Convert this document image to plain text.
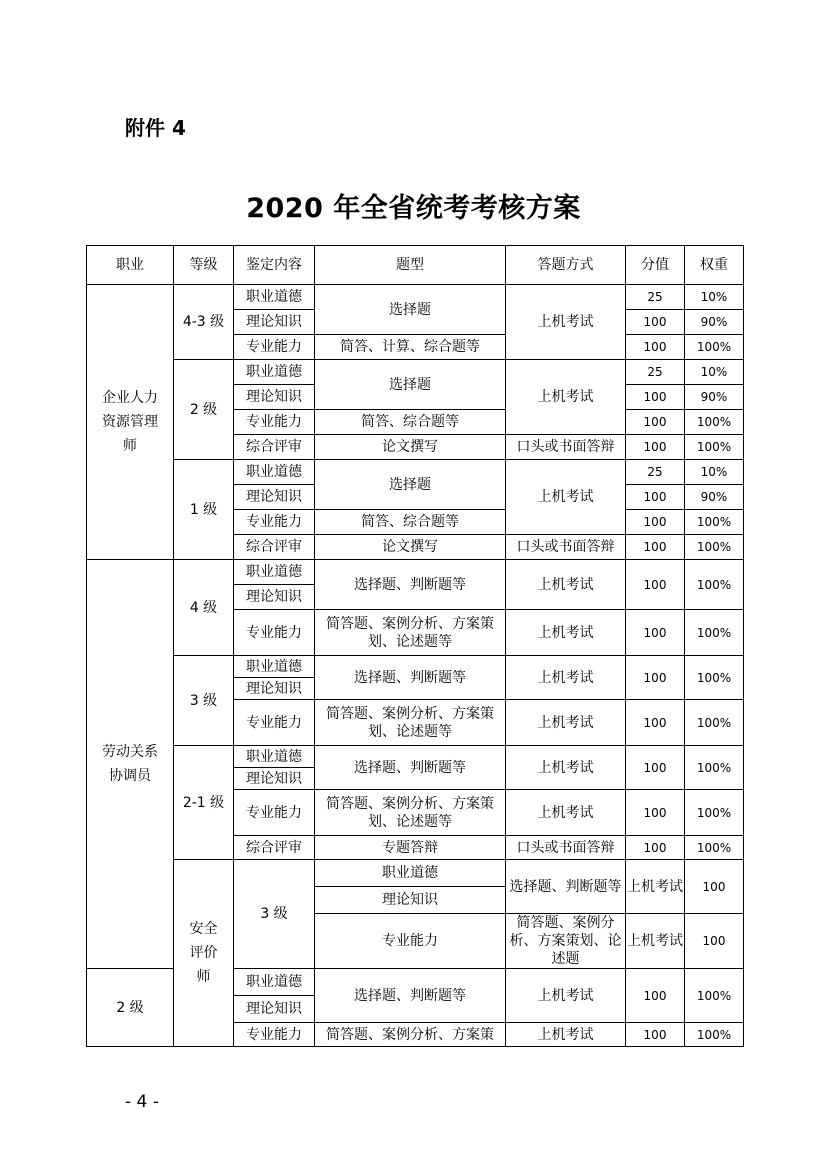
附件 4
2020 年全省统考考核方案
职业	等级	鉴定内容	题型	答题方式	分值	权重	
企业人力资源管理师	4-3 级	职业道德	选择题	上机考试	25	10%	
		理论知识			100	90%	
		专业能力	简答、计算、综合题等		100	100%	
	2 级	职业道德	选择题	上机考试	25	10%	
		理论知识			100	90%	
		专业能力	简答、综合题等		100	100%	
		综合评审	论文撰写	口头或书面答辩	100	100%	
	1 级	职业道德	选择题	上机考试	25	10%	
		理论知识			100	90%	
		专业能力	简答、综合题等		100	100%	
		综合评审	论文撰写	口头或书面答辩	100	100%	
劳动关系协调员	4 级	职业道德	选择题、判断题等	上机考试	100	100%	
		理论知识					
		专业能力	简答题、案例分析、方案策划、论述题等	上机考试	100	100%	
	3 级	职业道德	选择题、判断题等	上机考试	100	100%	
		理论知识					
		专业能力	简答题、案例分析、方案策划、论述题等	上机考试	100	100%	
	2-1 级	职业道德	选择题、判断题等	上机考试	100	100%	
		理论知识					
		专业能力	简答题、案例分析、方案策划、论述题等	上机考试	100	100%	
		综合评审	专题答辩	口头或书面答辩	100	100%	
	安全评价师	3 级	职业道德	选择题、判断题等	上机考试	100	
			理论知识				
			专业能力	简答题、案例分析、方案策划、论述题	上机考试	100	
2 级		职业道德	选择题、判断题等	上机考试	100	100%	
		理论知识					
		专业能力	简答题、案例分析、方案策	上机考试	100	100%	
- 4 -
